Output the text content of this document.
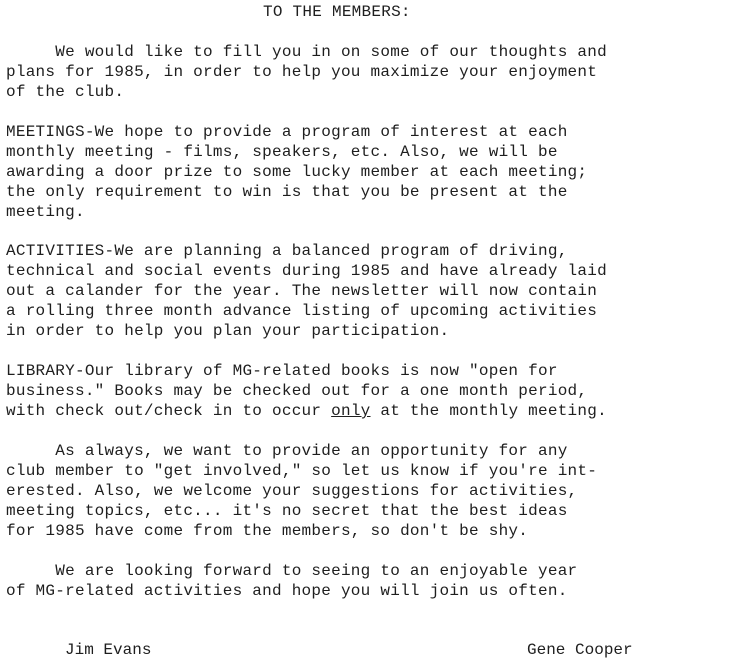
TO THE MEMBERS:
We would like to fill you in on some of our thoughts and
plans for 1985, in order to help you maximize your enjoyment
of the club.
MEETINGS-We hope to provide a program of interest at each
monthly meeting - films, speakers, etc. Also, we will be
awarding a door prize to some lucky member at each meeting;
the only requirement to win is that you be present at the
meeting.
ACTIVITIES-We are planning a balanced program of driving,
technical and social events during 1985 and have already laid
out a calander for the year. The newsletter will now contain
a rolling three month advance listing of upcoming activities
in order to help you plan your participation.
LIBRARY-Our library of MG-related books is now "open for
business." Books may be checked out for a one month period,
with check out/check in to occur only at the monthly meeting.
As always, we want to provide an opportunity for any
club member to "get involved," so let us know if you're int-
erested. Also, we welcome your suggestions for activities,
meeting topics, etc... it's no secret that the best ideas
for 1985 have come from the members, so don't be shy.
We are looking forward to seeing to an enjoyable year
of MG-related activities and hope you will join us often.
Jim Evans	Gene Cooper
